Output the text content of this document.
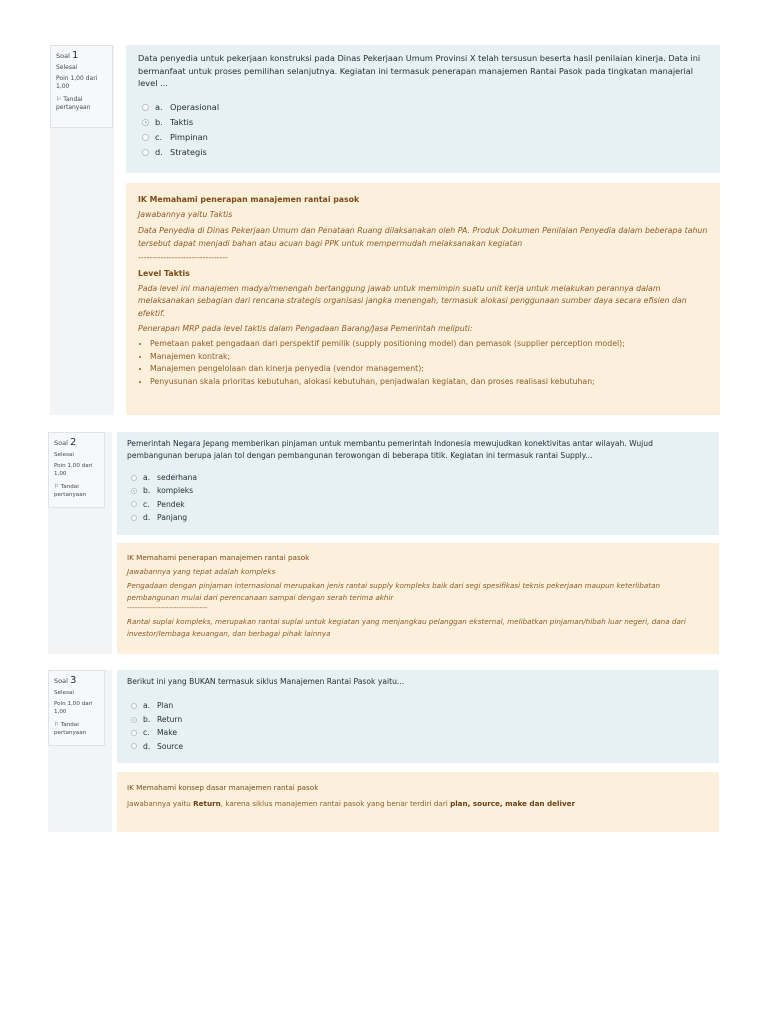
Soal 1
Selesai
Poin 1,00 dari 1,00
⚐ Tandai pertanyaan

Data penyedia untuk pekerjaan konstruksi pada Dinas Pekerjaan Umum Provinsi X telah tersusun beserta hasil penilaian kinerja. Data ini bermanfaat untuk proses pemilihan selanjutnya. Kegiatan ini termasuk penerapan manajemen Rantai Pasok pada tingkatan manajerial level ...

a. Operasional
b. Taktis
c. Pimpinan
d. Strategis

IK Memahami penerapan manajemen rantai pasok

Jawabannya yaitu Taktis

Data Penyedia di Dinas Pekerjaan Umum dan Penataan Ruang dilaksanakan oleh PA. Produk Dokumen Penilaian Penyedia dalam beberapa tahun tersebut dapat menjadi bahan atau acuan bagi PPK untuk mempermudah melaksanakan kegiatan

--------------------------------

Level Taktis

Pada level ini manajemen madya/menengah bertanggung jawab untuk memimpin suatu unit kerja untuk melakukan perannya dalam melaksanakan sebagian dari rencana strategis organisasi jangka menengah, termasuk alokasi penggunaan sumber daya secara efisien dan efektif.

Penerapan MRP pada level taktis dalam Pengadaan Barang/Jasa Pemerintah meliputi:

• Pemetaan paket pengadaan dari perspektif pemilik (supply positioning model) dan pemasok (supplier perception model);
• Manajemen kontrak;
• Manajemen pengelolaan dan kinerja penyedia (vendor management);
• Penyusunan skala prioritas kebutuhan, alokasi kebutuhan, penjadwalan kegiatan, dan proses realisasi kebutuhan;
Soal 2
Selesai
Poin 1,00 dari 1,00
⚐ Tandai pertanyaan

Pemerintah Negara Jepang memberikan pinjaman untuk membantu pemerintah Indonesia mewujudkan konektivitas antar wilayah. Wujud pembangunan berupa jalan tol dengan pembangunan terowongan di beberapa titik. Kegiatan ini termasuk rantai Supply...

a. sederhana
b. kompleks
c. Pendek
d. Panjang

IK Memahami penerapan manajemen rantai pasok

Jawabannya yang tepat adalah kompleks

Pengadaan dengan pinjaman internasional merupakan jenis rantai supply kompleks baik dari segi spesifikasi teknis pekerjaan maupun keterlibatan pembangunan mulai dari perencanaan sampai dengan serah terima akhir

-------------------------------

Rantai suplai kompleks, merupakan rantai suplai untuk kegiatan yang menjangkau pelanggan eksternal, melibatkan pinjaman/hibah luar negeri, dana dari investor/lembaga keuangan, dan berbagai pihak lainnya

Soal 3
Selesai
Poin 1,00 dari 1,00
⚐ Tandai pertanyaan

Berikut ini yang BUKAN termasuk siklus Manajemen Rantai Pasok yaitu...

a. Plan
b. Return
c. Make
d. Source

IK Memahami konsep dasar manajemen rantai pasok

Jawabannya yaitu Return, karena siklus manajemen rantai pasok yang benar terdiri dari plan, source, make dan deliver
